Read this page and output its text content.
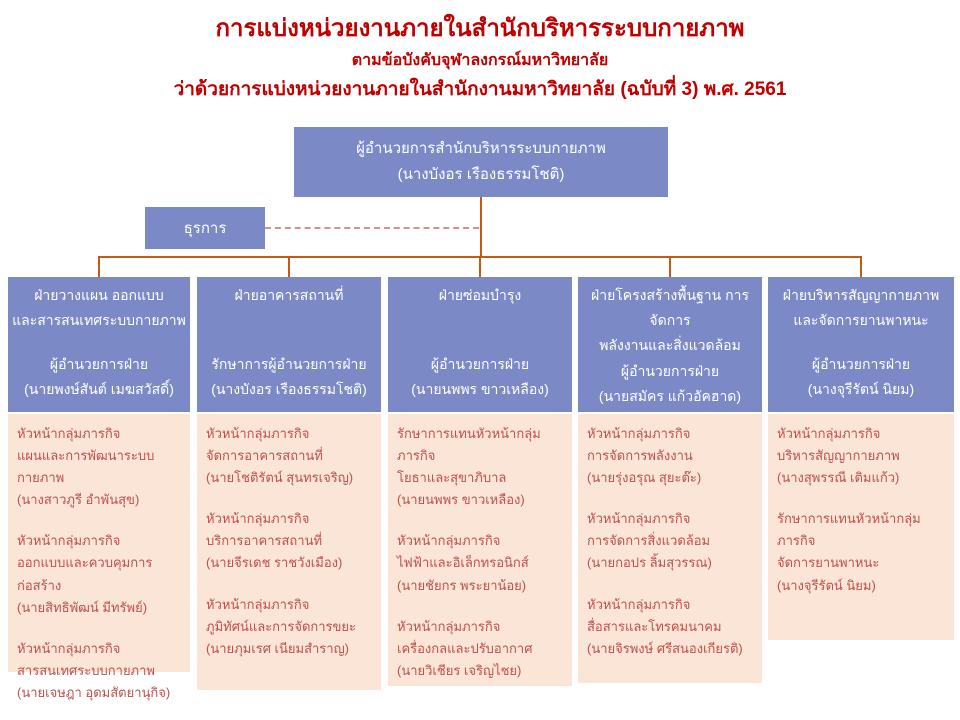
การแบ่งหน่วยงานภายในสำนักบริหารระบบกายภาพ
ตามข้อบังคับจุฬาลงกรณ์มหาวิทยาลัย
ว่าด้วยการแบ่งหน่วยงานภายในสำนักงานมหาวิทยาลัย (ฉบับที่ 3) พ.ศ. 2561
ผู้อำนวยการสำนักบริหารระบบกายภาพ
(นางบังอร เรืองธรรมโชติ)
ธุรการ
ฝ่ายวางแผน ออกแบบ
และสารสนเทศระบบกายภาพ
ผู้อำนวยการฝ่าย
(นายพงษ์สันต์ เมฆสวัสดิ์)
หัวหน้ากลุ่มภารกิจ
แผนและการพัฒนาระบบกายภาพ
(นางสาวภูรี อำพันสุข)
หัวหน้ากลุ่มภารกิจ
ออกแบบและควบคุมการก่อสร้าง
(นายสิทธิพัฒน์ มีทรัพย์)
หัวหน้ากลุ่มภารกิจ
สารสนเทศระบบกายภาพ
(นายเจษฎา อุดมสัตยานุกิจ)
ฝ่ายอาคารสถานที่
รักษาการผู้อำนวยการฝ่าย
(นางบังอร เรืองธรรมโชติ)
หัวหน้ากลุ่มภารกิจ
จัดการอาคารสถานที่
(นายโชติรัตน์ สุนทรเจริญ)
หัวหน้ากลุ่มภารกิจ
บริการอาคารสถานที่
(นายจีรเดช ราชวังเมือง)
หัวหน้ากลุ่มภารกิจ
ภูมิทัศน์และการจัดการขยะ
(นายภุมเรศ เนียมสำราญ)
ฝ่ายซ่อมบำรุง
ผู้อำนวยการฝ่าย
(นายนพพร ขาวเหลือง)
รักษาการแทนหัวหน้ากลุ่มภารกิจ
โยธาและสุขาภิบาล
(นายนพพร ขาวเหลือง)
หัวหน้ากลุ่มภารกิจ
ไฟฟ้าและอิเล็กทรอนิกส์
(นายชัยกร พระยาน้อย)
หัวหน้ากลุ่มภารกิจ
เครื่องกลและปรับอากาศ
(นายวิเชียร เจริญไชย)
ฝ่ายโครงสร้างพื้นฐาน การจัดการ
พลังงานและสิ่งแวดล้อม
ผู้อำนวยการฝ่าย
(นายสมัคร แก้วอัคฮาด)
หัวหน้ากลุ่มภารกิจ
การจัดการพลังงาน
(นายรุ่งอรุณ สุยะต๊ะ)
หัวหน้ากลุ่มภารกิจ
การจัดการสิ่งแวดล้อม
(นายกอปร ลิ้มสุวรรณ)
หัวหน้ากลุ่มภารกิจ
สื่อสารและโทรคมนาคม
(นายจิรพงษ์ ศรีสนองเกียรติ)
ฝ่ายบริหารสัญญากายภาพ
และจัดการยานพาหนะ
ผู้อำนวยการฝ่าย
(นางจุรีรัตน์ นิยม)
หัวหน้ากลุ่มภารกิจ
บริหารสัญญากายภาพ
(นางสุพรรณี เติมแก้ว)
รักษาการแทนหัวหน้ากลุ่มภารกิจ
จัดการยานพาหนะ
(นางจุรีรัตน์ นิยม)
